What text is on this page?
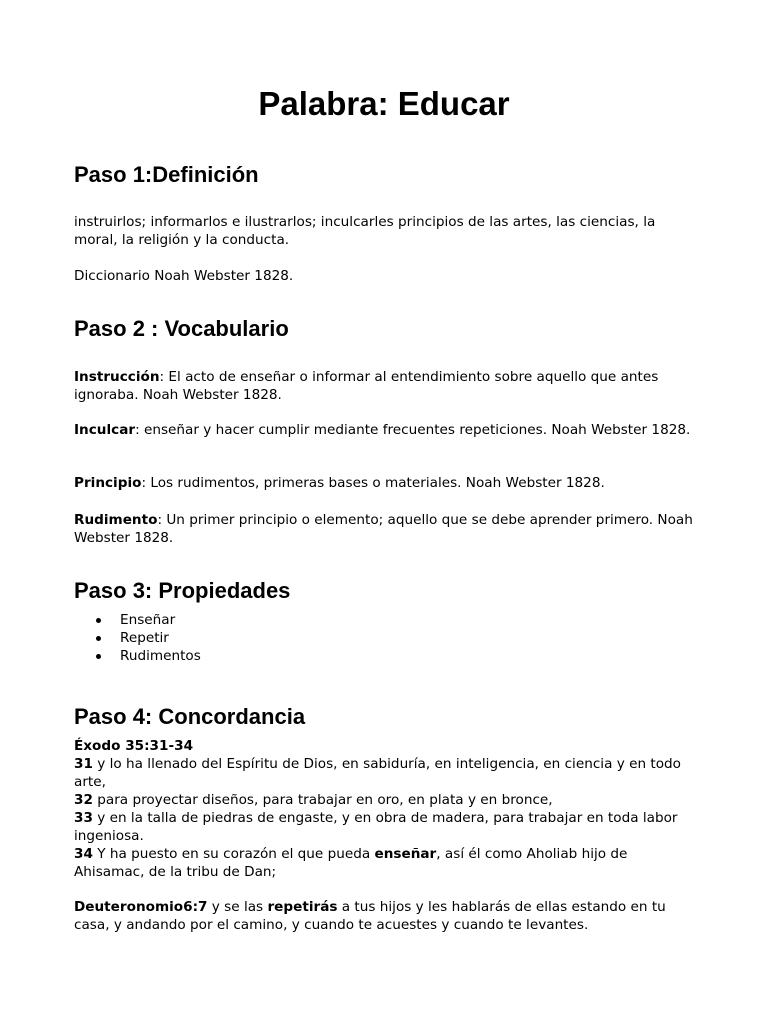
Palabra: Educar
Paso 1:Definición

instruirlos; informarlos e ilustrarlos; inculcarles principios de las artes, las ciencias, la moral, la religión y la conducta.

Diccionario Noah Webster 1828.

Paso 2 : Vocabulario

Instrucción: El acto de enseñar o informar al entendimiento sobre aquello que antes ignoraba. Noah Webster 1828.

Inculcar: enseñar y hacer cumplir mediante frecuentes repeticiones. Noah Webster 1828.

Principio: Los rudimentos, primeras bases o materiales. Noah Webster 1828.

Rudimento: Un primer principio o elemento; aquello que se debe aprender primero. Noah Webster 1828.

Paso 3: Propiedades
Enseñar
Repetir
Rudimentos
Paso 4: Concordancia
Éxodo 35:31-34
31 y lo ha llenado del Espíritu de Dios, en sabiduría, en inteligencia, en ciencia y en todo arte,
32 para proyectar diseños, para trabajar en oro, en plata y en bronce,
33 y en la talla de piedras de engaste, y en obra de madera, para trabajar en toda labor ingeniosa.
34 Y ha puesto en su corazón el que pueda enseñar, así él como Aholiab hijo de Ahisamac, de la tribu de Dan;

Deuteronomio6:7 y se las repetirás a tus hijos y les hablarás de ellas estando en tu casa, y andando por el camino, y cuando te acuestes y cuando te levantes.
